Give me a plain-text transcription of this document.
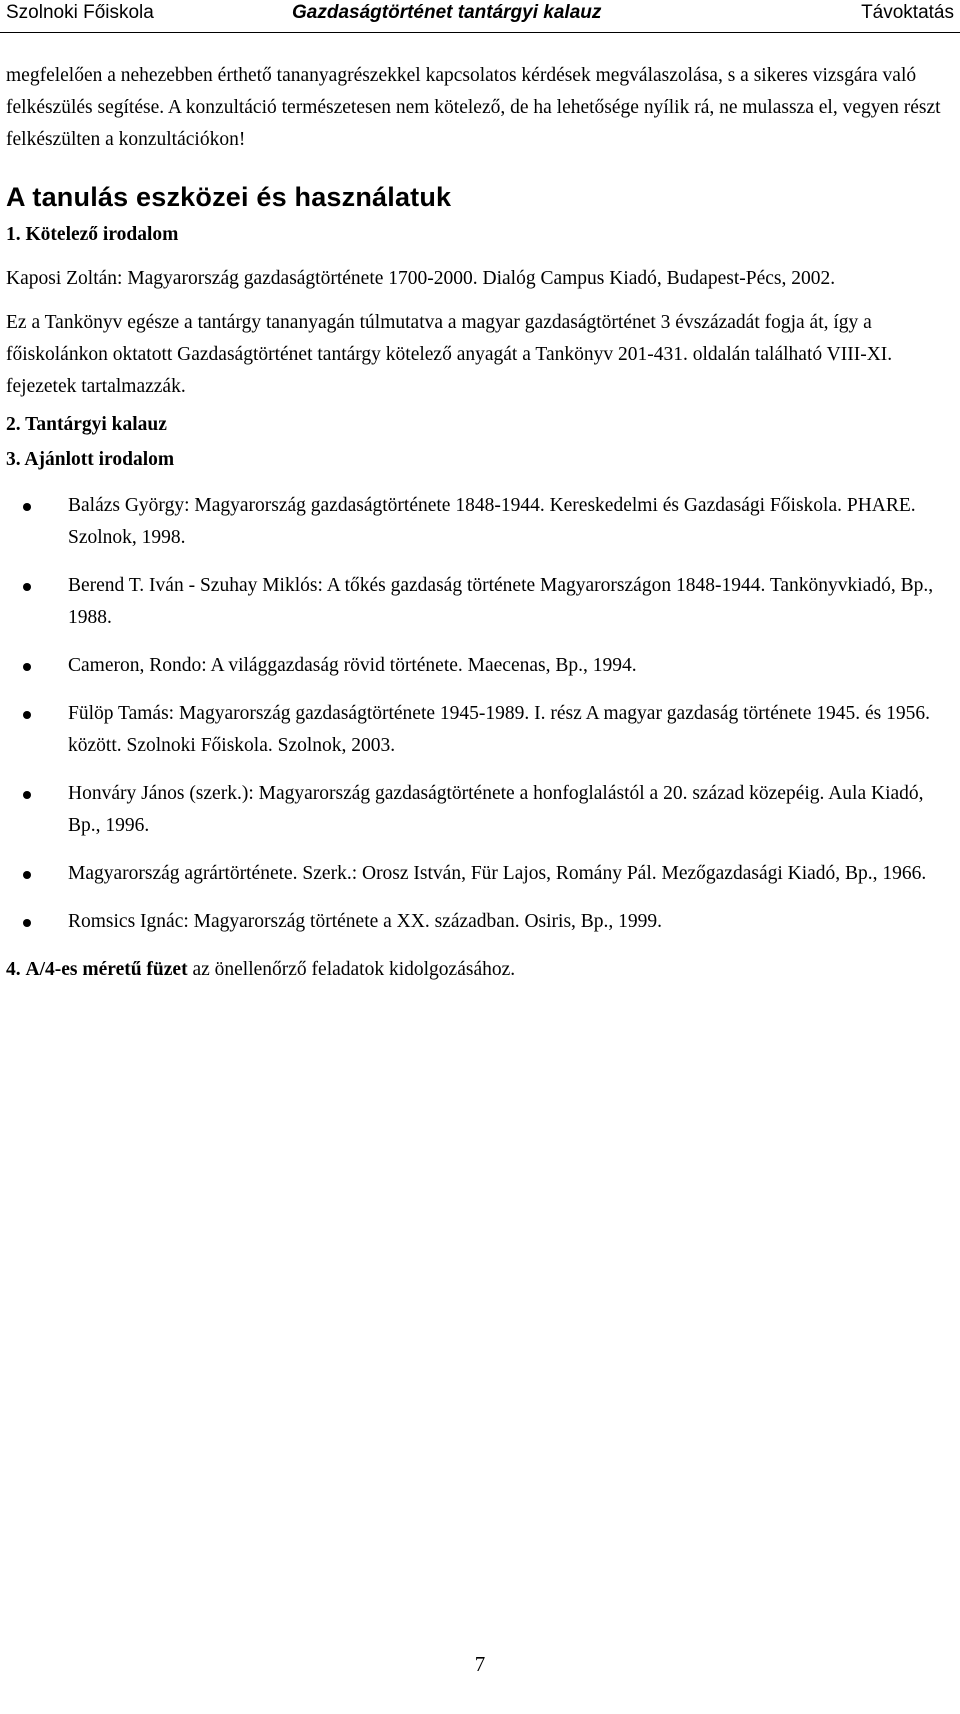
Szolnoki Főiskola	Gazdaságtörténet tantárgyi kalauz	Távoktatás

megfelelően a nehezebben érthető tananyagrészekkel kapcsolatos kérdések megválaszolása, s a sikeres vizsgára való felkészülés segítése. A konzultáció természetesen nem kötelező, de ha lehetősége nyílik rá, ne mulassza el, vegyen részt felkészülten a konzultációkon!

A tanulás eszközei és használatuk

1. Kötelező irodalom

Kaposi Zoltán: Magyarország gazdaságtörténete 1700-2000. Dialóg Campus Kiadó, Budapest-Pécs, 2002.

Ez a Tankönyv egésze a tantárgy tananyagán túlmutatva a magyar gazdaságtörténet 3 évszázadát fogja át, így a főiskolánkon oktatott Gazdaságtörténet tantárgy kötelező anyagát a Tankönyv 201-431. oldalán található VIII-XI. fejezetek tartalmazzák.

2. Tantárgyi kalauz

3. Ajánlott irodalom

Balázs György: Magyarország gazdaságtörténete 1848-1944. Kereskedelmi és Gazdasági Főiskola. PHARE. Szolnok, 1998.
Berend T. Iván - Szuhay Miklós: A tőkés gazdaság története Magyarországon 1848-1944. Tankönyvkiadó, Bp., 1988.
Cameron, Rondo: A világgazdaság rövid története. Maecenas, Bp., 1994.
Fülöp Tamás: Magyarország gazdaságtörténete 1945-1989. I. rész A magyar gazdaság története 1945. és 1956. között. Szolnoki Főiskola. Szolnok, 2003.
Honváry János (szerk.): Magyarország gazdaságtörténete a honfoglalástól a 20. század közepéig. Aula Kiadó, Bp., 1996.
Magyarország agrártörténete. Szerk.: Orosz István, Für Lajos, Romány Pál. Mezőgazdasági Kiadó, Bp., 1966.
Romsics Ignác: Magyarország története a XX. században. Osiris, Bp., 1999.

4. A/4-es méretű füzet az önellenőrző feladatok kidolgozásához.

7
